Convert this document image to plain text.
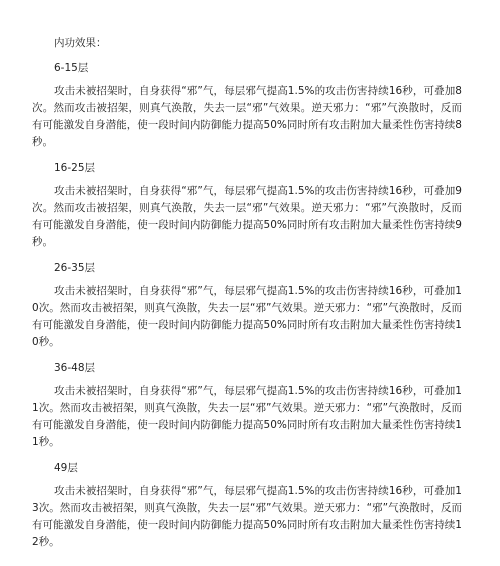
内功效果：
6-15层

攻击未被招架时，自身获得“邪”气，每层邪气提高1.5%的攻击伤害持续16秒，可叠加8次。然而攻击被招架，则真气涣散，失去一层“邪”气效果。逆天邪力：“邪”气涣散时，反而有可能激发自身潜能，使一段时间内防御能力提高50%同时所有攻击附加大量柔性伤害持续8秒。

16-25层

攻击未被招架时，自身获得“邪”气，每层邪气提高1.5%的攻击伤害持续16秒，可叠加9次。然而攻击被招架，则真气涣散，失去一层“邪”气效果。逆天邪力：“邪”气涣散时，反而有可能激发自身潜能，使一段时间内防御能力提高50%同时所有攻击附加大量柔性伤害持续9秒。

26-35层

攻击未被招架时，自身获得“邪”气，每层邪气提高1.5%的攻击伤害持续16秒，可叠加10次。然而攻击被招架，则真气涣散，失去一层“邪”气效果。逆天邪力：“邪”气涣散时，反而有可能激发自身潜能，使一段时间内防御能力提高50%同时所有攻击附加大量柔性伤害持续10秒。

36-48层

攻击未被招架时，自身获得“邪”气，每层邪气提高1.5%的攻击伤害持续16秒，可叠加11次。然而攻击被招架，则真气涣散，失去一层“邪”气效果。逆天邪力：“邪”气涣散时，反而有可能激发自身潜能，使一段时间内防御能力提高50%同时所有攻击附加大量柔性伤害持续11秒。

49层

攻击未被招架时，自身获得“邪”气，每层邪气提高1.5%的攻击伤害持续16秒，可叠加13次。然而攻击被招架，则真气涣散，失去一层“邪”气效果。逆天邪力：“邪”气涣散时，反而有可能激发自身潜能，使一段时间内防御能力提高50%同时所有攻击附加大量柔性伤害持续12秒。
